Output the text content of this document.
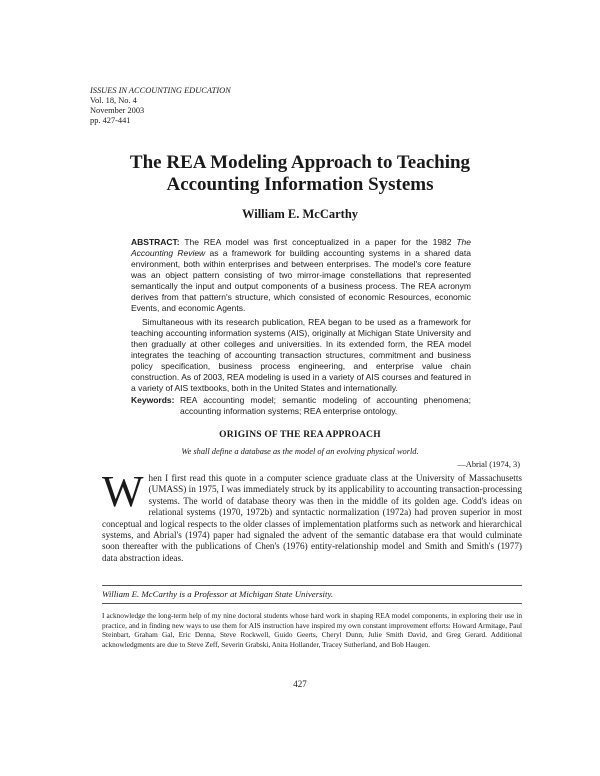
ISSUES IN ACCOUNTING EDUCATION
Vol. 18, No. 4
November 2003
pp. 427-441
The REA Modeling Approach to Teaching
Accounting Information Systems
William E. McCarthy

ABSTRACT: The REA model was first conceptualized in a paper for the 1982 The Accounting Review as a framework for building accounting systems in a shared data environment, both within enterprises and between enterprises. The model's core feature was an object pattern consisting of two mirror-image constellations that represented semantically the input and output components of a business process. The REA acronym derives from that pattern's structure, which consisted of economic Resources, economic Events, and economic Agents.

Simultaneous with its research publication, REA began to be used as a framework for teaching accounting information systems (AIS), originally at Michigan State University and then gradually at other colleges and universities. In its extended form, the REA model integrates the teaching of accounting transaction structures, commitment and business policy specification, business process engineering, and enterprise value chain construction. As of 2003, REA modeling is used in a variety of AIS courses and featured in a variety of AIS textbooks, both in the United States and internationally.

Keywords: REA accounting model; semantic modeling of accounting phenomena; accounting information systems; REA enterprise ontology.
ORIGINS OF THE REA APPROACH
We shall define a database as the model of an evolving physical world.
—Abrial (1974, 3)

When I first read this quote in a computer science graduate class at the University of Massachusetts (UMASS) in 1975, I was immediately struck by its applicability to accounting transaction-processing systems. The world of database theory was then in the middle of its golden age. Codd's ideas on relational systems (1970, 1972b) and syntactic normalization (1972a) had proven superior in most conceptual and logical respects to the older classes of implementation platforms such as network and hierarchical systems, and Abrial's (1974) paper had signaled the advent of the semantic database era that would culminate soon thereafter with the publications of Chen's (1976) entity-relationship model and Smith and Smith's (1977) data abstraction ideas.

William E. McCarthy is a Professor at Michigan State University.
I acknowledge the long-term help of my nine doctoral students whose hard work in shaping REA model components, in exploring their use in practice, and in finding new ways to use them for AIS instruction have inspired my own constant improvement efforts: Howard Armitage, Paul Steinbart, Graham Gal, Eric Denna, Steve Rockwell, Guido Geerts, Cheryl Dunn, Julie Smith David, and Greg Gerard. Additional acknowledgments are due to Steve Zeff, Severin Grabski, Anita Hollander, Tracey Sutherland, and Bob Haugen.
427
